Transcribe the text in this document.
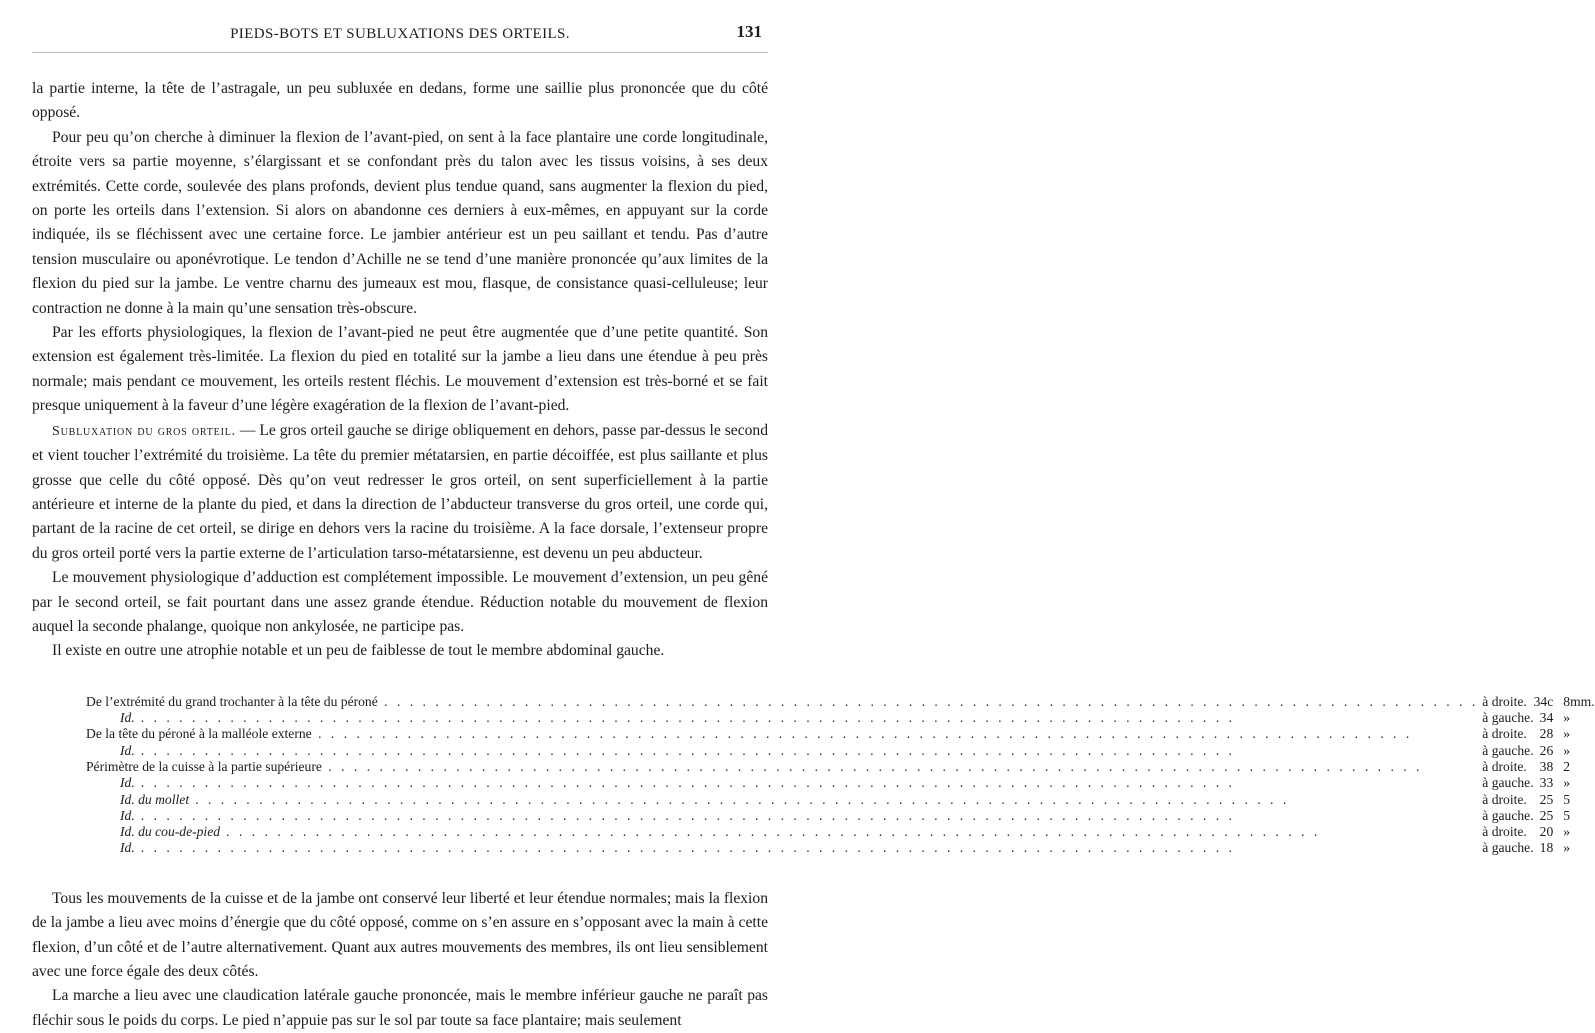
PIEDS-BOTS ET SUBLUXATIONS DES ORTEILS.	131

la partie interne, la tête de l’astragale, un peu subluxée en dedans, forme une saillie plus prononcée que du côté opposé.

Pour peu qu’on cherche à diminuer la flexion de l’avant-pied, on sent à la face plantaire une corde longitudinale, étroite vers sa partie moyenne, s’élargissant et se confondant près du talon avec les tissus voisins, à ses deux extrémités. Cette corde, soulevée des plans profonds, devient plus tendue quand, sans augmenter la flexion du pied, on porte les orteils dans l’extension. Si alors on abandonne ces derniers à eux-mêmes, en appuyant sur la corde indiquée, ils se fléchissent avec une certaine force. Le jambier antérieur est un peu saillant et tendu. Pas d’autre tension musculaire ou aponévrotique. Le tendon d’Achille ne se tend d’une manière prononcée qu’aux limites de la flexion du pied sur la jambe. Le ventre charnu des jumeaux est mou, flasque, de consistance quasi-celluleuse; leur contraction ne donne à la main qu’une sensation très-obscure.

Par les efforts physiologiques, la flexion de l’avant-pied ne peut être augmentée que d’une petite quantité. Son extension est également très-limitée. La flexion du pied en totalité sur la jambe a lieu dans une étendue à peu près normale; mais pendant ce mouvement, les orteils restent fléchis. Le mouvement d’extension est très-borné et se fait presque uniquement à la faveur d’une légère exagération de la flexion de l’avant-pied.

Subluxation du gros orteil. — Le gros orteil gauche se dirige obliquement en dehors, passe par-dessus le second et vient toucher l’extrémité du troisième. La tête du premier métatarsien, en partie décoiffée, est plus saillante et plus grosse que celle du côté opposé. Dès qu’on veut redresser le gros orteil, on sent superficiellement à la partie antérieure et interne de la plante du pied, et dans la direction de l’abducteur transverse du gros orteil, une corde qui, partant de la racine de cet orteil, se dirige en dehors vers la racine du troisième. A la face dorsale, l’extenseur propre du gros orteil porté vers la partie externe de l’articulation tarso-métatarsienne, est devenu un peu abducteur.

Le mouvement physiologique d’adduction est complétement impossible. Le mouvement d’extension, un peu gêné par le second orteil, se fait pourtant dans une assez grande étendue. Réduction notable du mouvement de flexion auquel la seconde phalange, quoique non ankylosée, ne participe pas.

Il existe en outre une atrophie notable et un peu de faiblesse de tout le membre abdominal gauche.

De l’extrémité du grand trochanter à la tête du péroné . . .	à droite.	34c	8mm.

Id. . . .	à gauche.	34	»

De la tête du péroné à la malléole externe . . .	à droite.	28	»

Id. . . .	à gauche.	26	»

Périmètre de la cuisse à la partie supérieure . . .	à droite.	38	2

Id. . . .	à gauche.	33	»

Id. du mollet . . .	à droite.	25	5

Id. . . .	à gauche.	25	5

Id. du cou-de-pied . . .	à droite.	20	»

Id. . . .	à gauche.	18	»

Tous les mouvements de la cuisse et de la jambe ont conservé leur liberté et leur étendue normales; mais la flexion de la jambe a lieu avec moins d’énergie que du côté opposé, comme on s’en assure en s’opposant avec la main à cette flexion, d’un côté et de l’autre alternativement. Quant aux autres mouvements des membres, ils ont lieu sensiblement avec une force égale des deux côtés.

La marche a lieu avec une claudication latérale gauche prononcée, mais le membre inférieur gauche ne paraît pas fléchir sous le poids du corps. Le pied n’appuie pas sur le sol par toute sa face plantaire; mais seulement
